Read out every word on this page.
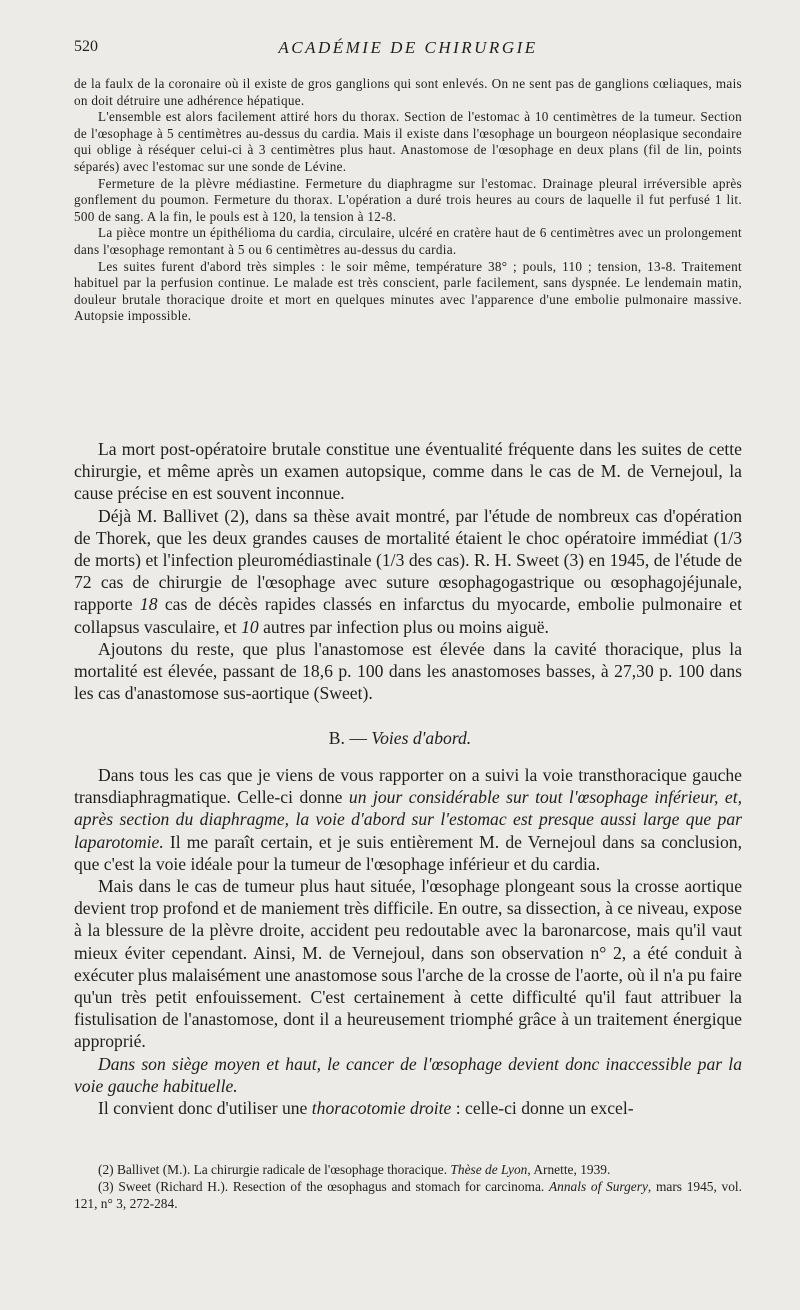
520	ACADÉMIE DE CHIRURGIE

de la faulx de la coronaire où il existe de gros ganglions qui sont enlevés. On ne sent pas de ganglions cœliaques, mais on doit détruire une adhérence hépatique.

L'ensemble est alors facilement attiré hors du thorax. Section de l'estomac à 10 centimètres de la tumeur. Section de l'œsophage à 5 centimètres au-dessus du cardia. Mais il existe dans l'œsophage un bourgeon néoplasique secondaire qui oblige à réséquer celui-ci à 3 centimètres plus haut. Anastomose de l'œsophage en deux plans (fil de lin, points séparés) avec l'estomac sur une sonde de Lévine.

Fermeture de la plèvre médiastine. Fermeture du diaphragme sur l'estomac. Drainage pleural irréversible après gonflement du poumon. Fermeture du thorax. L'opération a duré trois heures au cours de laquelle il fut perfusé 1 lit. 500 de sang. A la fin, le pouls est à 120, la tension à 12-8.

La pièce montre un épithélioma du cardia, circulaire, ulcéré en cratère haut de 6 centimètres avec un prolongement dans l'œsophage remontant à 5 ou 6 centimètres au-dessus du cardia.

Les suites furent d'abord très simples : le soir même, température 38° ; pouls, 110 ; tension, 13-8. Traitement habituel par la perfusion continue. Le malade est très conscient, parle facilement, sans dyspnée. Le lendemain matin, douleur brutale thoracique droite et mort en quelques minutes avec l'apparence d'une embolie pulmonaire massive. Autopsie impossible.

La mort post-opératoire brutale constitue une éventualité fréquente dans les suites de cette chirurgie, et même après un examen autopsique, comme dans le cas de M. de Vernejoul, la cause précise en est souvent inconnue.

Déjà M. Ballivet (2), dans sa thèse avait montré, par l'étude de nombreux cas d'opération de Thorek, que les deux grandes causes de mortalité étaient le choc opératoire immédiat (1/3 de morts) et l'infection pleuromédiastinale (1/3 des cas). R. H. Sweet (3) en 1945, de l'étude de 72 cas de chirurgie de l'œsophage avec suture œsophagogastrique ou œsophagojéjunale, rapporte 18 cas de décès rapides classés en infarctus du myocarde, embolie pulmonaire et collapsus vasculaire, et 10 autres par infection plus ou moins aiguë.

Ajoutons du reste, que plus l'anastomose est élevée dans la cavité thoracique, plus la mortalité est élevée, passant de 18,6 p. 100 dans les anastomoses basses, à 27,30 p. 100 dans les cas d'anastomose sus-aortique (Sweet).

B. — Voies d'abord.

Dans tous les cas que je viens de vous rapporter on a suivi la voie transthoracique gauche transdiaphragmatique. Celle-ci donne un jour considérable sur tout l'œsophage inférieur, et, après section du diaphragme, la voie d'abord sur l'estomac est presque aussi large que par laparotomie. Il me paraît certain, et je suis entièrement M. de Vernejoul dans sa conclusion, que c'est la voie idéale pour la tumeur de l'œsophage inférieur et du cardia.

Mais dans le cas de tumeur plus haut située, l'œsophage plongeant sous la crosse aortique devient trop profond et de maniement très difficile. En outre, sa dissection, à ce niveau, expose à la blessure de la plèvre droite, accident peu redoutable avec la baronarcose, mais qu'il vaut mieux éviter cependant. Ainsi, M. de Vernejoul, dans son observation n° 2, a été conduit à exécuter plus malaisément une anastomose sous l'arche de la crosse de l'aorte, où il n'a pu faire qu'un très petit enfouissement. C'est certainement à cette difficulté qu'il faut attribuer la fistulisation de l'anastomose, dont il a heureusement triomphé grâce à un traitement énergique approprié.

Dans son siège moyen et haut, le cancer de l'œsophage devient donc inaccessible par la voie gauche habituelle.

Il convient donc d'utiliser une thoracotomie droite : celle-ci donne un excel-

(2) Ballivet (M.). La chirurgie radicale de l'œsophage thoracique. Thèse de Lyon, Arnette, 1939.

(3) Sweet (Richard H.). Resection of the œsophagus and stomach for carcinoma. Annals of Surgery, mars 1945, vol. 121, n° 3, 272-284.
